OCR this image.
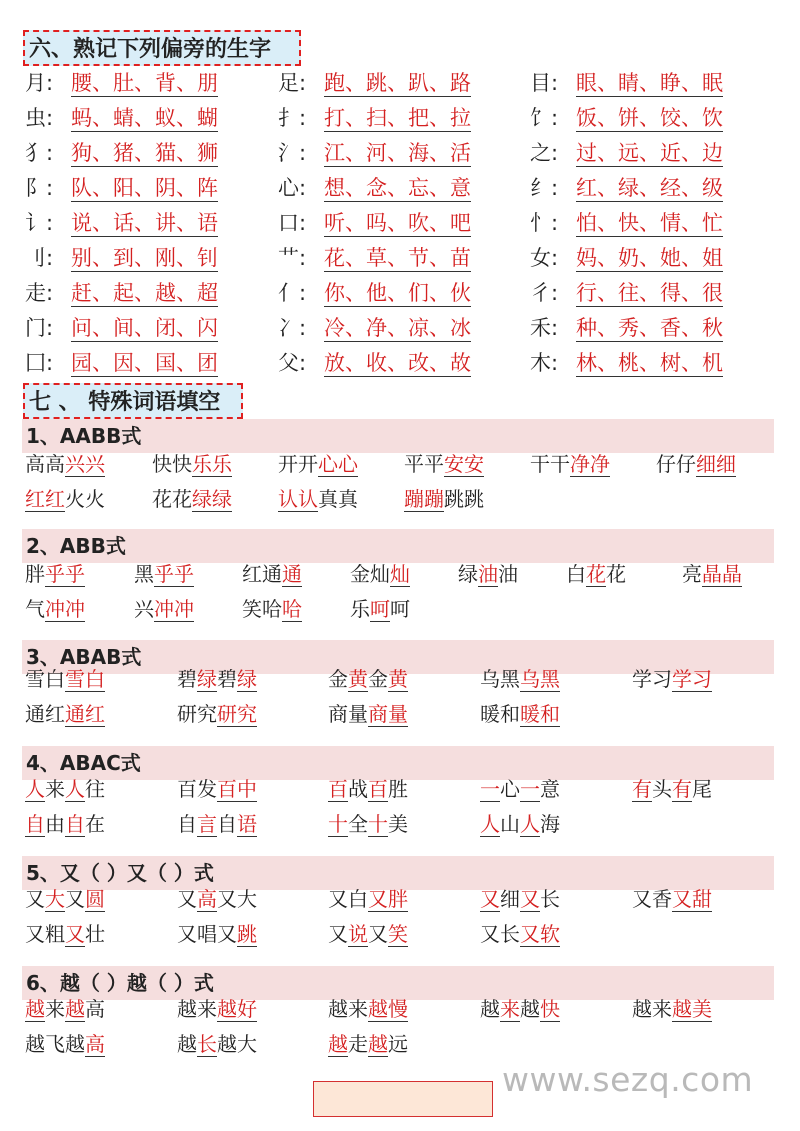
六、熟记下列偏旁的生字
月: 腰、肚、背、朋	足: 跑、跳、趴、路	目: 眼、睛、睁、眠
虫: 蚂、蜻、蚁、蝴	扌: 打、扫、把、拉	饣: 饭、饼、饺、饮
犭: 狗、猪、猫、狮	氵: 江、河、海、活	之: 过、远、近、边
阝: 队、阳、阴、阵	心: 想、念、忘、意	纟: 红、绿、经、级
讠: 说、话、讲、语	口: 听、吗、吹、吧	忄: 怕、快、情、忙
刂: 别、到、刚、钊	艹: 花、草、节、苗	女: 妈、奶、她、姐
走: 赶、起、越、超	亻: 你、他、们、伙	彳: 行、往、得、很
门: 问、间、闭、闪	冫: 冷、净、凉、冰	禾: 种、秀、香、秋
囗: 园、因、国、团	父: 放、收、改、故	木: 林、桃、树、机
七 、 特殊词语填空
1、AABB式
高高兴兴 快快乐乐 开开心心 平平安安 干干净净 仔仔细细
红红火火 花花绿绿 认认真真 蹦蹦跳跳
2、ABB式
胖乎乎 黑乎乎 红通通 金灿灿 绿油油 白花花	亮晶晶
气冲冲 兴冲冲 笑哈哈 乐呵呵
3、ABAB式
雪白雪白	碧绿碧绿	金黄金黄	乌黑乌黑	学习学习
通红通红	研究研究	商量商量	暖和暖和
4、ABAC式
人来人往	百发百中	百战百胜	一心一意	有头有尾
自由自在	自言自语	十全十美	人山人海
5、又（ ）又（ ）式
又大又圆	又高又大	又白又胖	又细又长	又香又甜
又粗又壮	又唱又跳	又说又笑	又长又软
6、越（ ）越（ ）式
越来越高	越来越好	越来越慢	越来越快	越来越美
越飞越高	越长越大	越走越远
www.sezq.com
